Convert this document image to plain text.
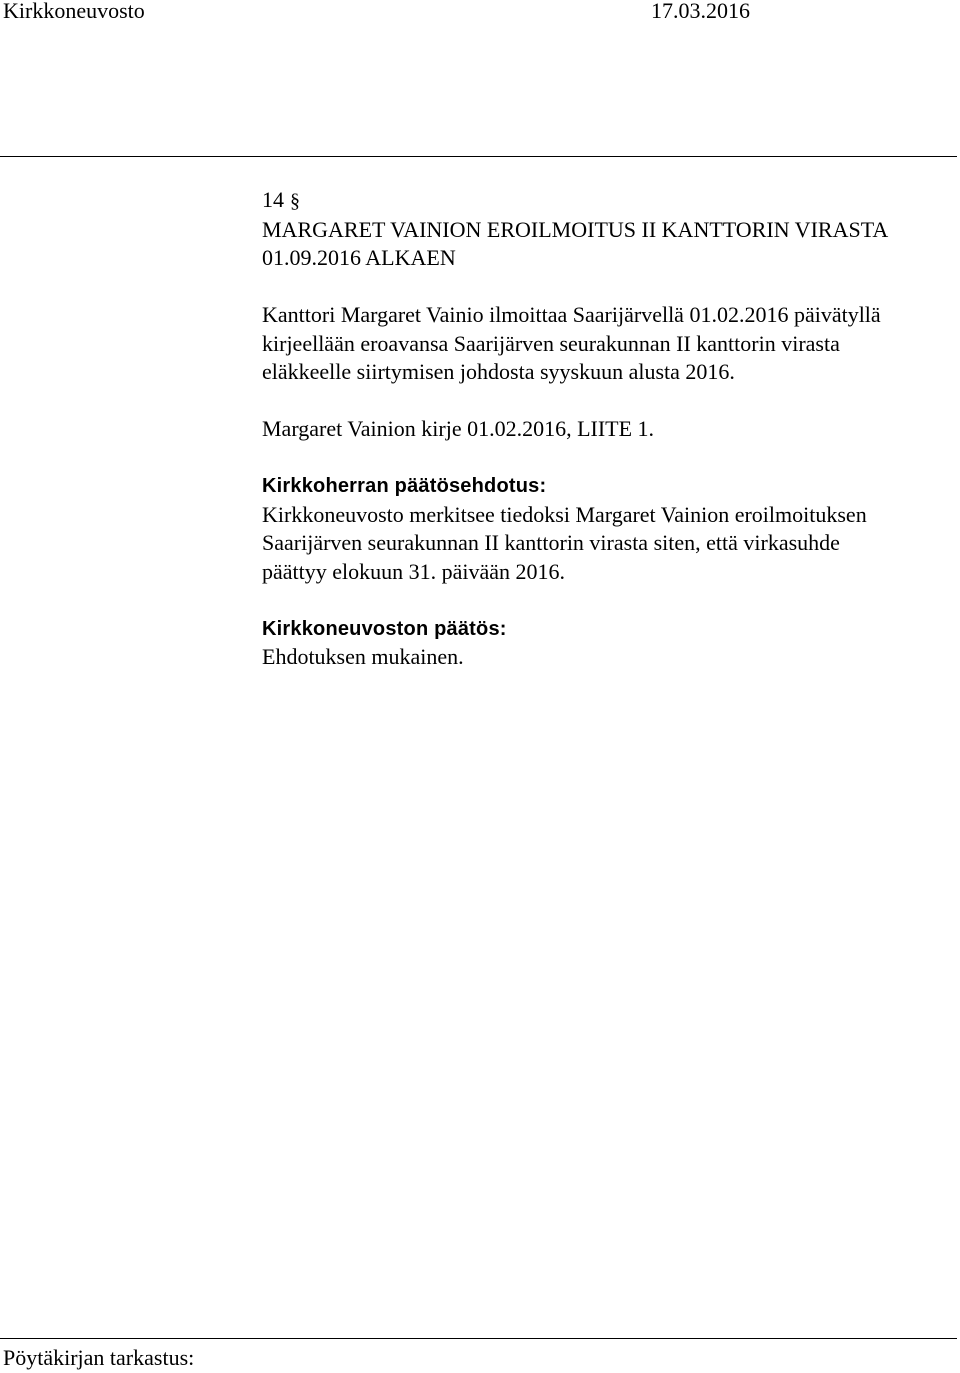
Kirkkoneuvosto	17.03.2016

14 §

MARGARET VAINION EROILMOITUS II KANTTORIN VIRASTA

01.09.2016 ALKAEN

Kanttori Margaret Vainio ilmoittaa Saarijärvellä 01.02.2016 päivätyllä

kirjeellään eroavansa Saarijärven seurakunnan II kanttorin virasta

eläkkeelle siirtymisen johdosta syyskuun alusta 2016.

Margaret Vainion kirje 01.02.2016, LIITE 1.

Kirkkoherran päätösehdotus:

Kirkkoneuvosto merkitsee tiedoksi Margaret Vainion eroilmoituksen

Saarijärven seurakunnan II kanttorin virasta siten, että virkasuhde

päättyy elokuun 31. päivään 2016.

Kirkkoneuvoston päätös:

Ehdotuksen mukainen.

Pöytäkirjan tarkastus:
